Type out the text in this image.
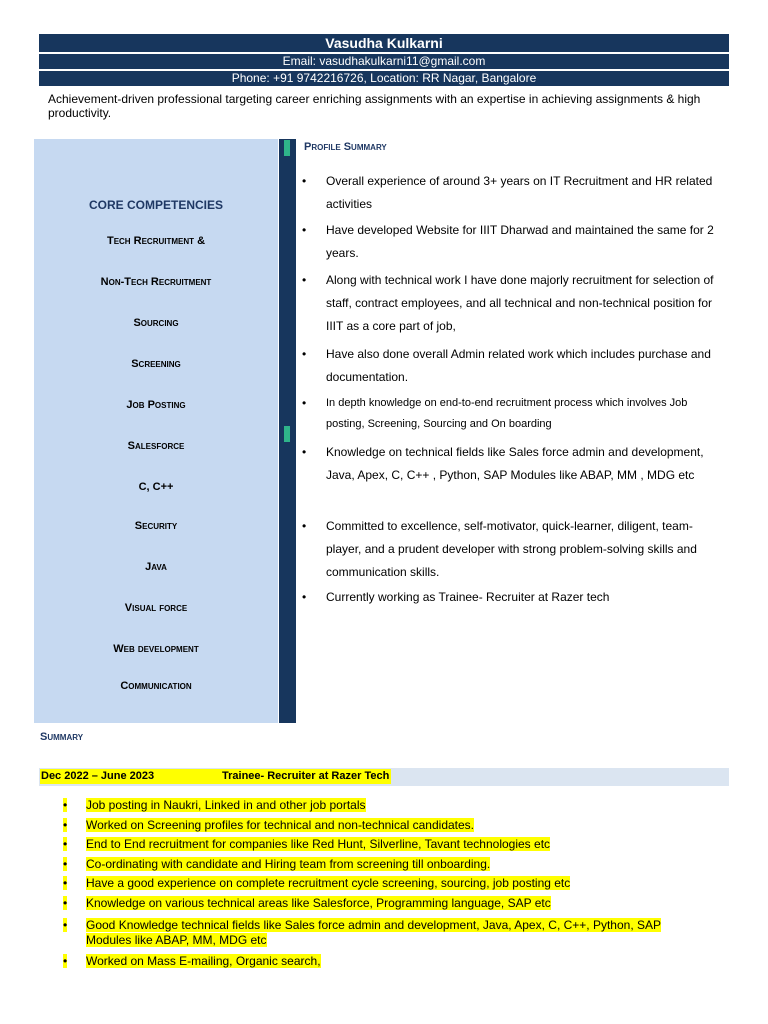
Vasudha Kulkarni
Email: vasudhakulkarni11@gmail.com
Phone: +91 9742216726, Location: RR Nagar, Bangalore
Achievement-driven professional targeting career enriching assignments with an expertise in achieving assignments & high productivity.
CORE COMPETENCIES
Tech Recruitment &
Non-Tech Recruitment
Sourcing
Screening
Job Posting
Salesforce
C, C++
Security
Java
Visual force
Web development
Communication
Profile Summary
• Overall experience of around 3+ years on IT Recruitment and HR related activities
• Have developed Website for IIIT Dharwad and maintained the same for 2 years.
• Along with technical work I have done majorly recruitment for selection of staff, contract employees, and all technical and non-technical position for IIIT as a core part of job,
• Have also done overall Admin related work which includes purchase and documentation.
• In depth knowledge on end-to-end recruitment process which involves Job posting, Screening, Sourcing and On boarding
• Knowledge on technical fields like Sales force admin and development, Java, Apex, C, C++ , Python, SAP Modules like ABAP, MM , MDG etc
• Committed to excellence, self-motivator, quick-learner, diligent, team-player, and a prudent developer with strong problem-solving skills and communication skills.
• Currently working as Trainee- Recruiter at Razer tech
Summary
Dec 2022 – June 2023	Trainee- Recruiter at Razer Tech
• Job posting in Naukri, Linked in and other job portals
• Worked on Screening profiles for technical and non-technical candidates.
• End to End recruitment for companies like Red Hunt, Silverline, Tavant technologies etc
• Co-ordinating with candidate and Hiring team from screening till onboarding.
• Have a good experience on complete recruitment cycle screening, sourcing, job posting etc
• Knowledge on various technical areas like Salesforce, Programming language, SAP etc
• Good Knowledge technical fields like Sales force admin and development, Java, Apex, C, C++, Python, SAP Modules like ABAP, MM, MDG etc
• Worked on Mass E-mailing, Organic search,
